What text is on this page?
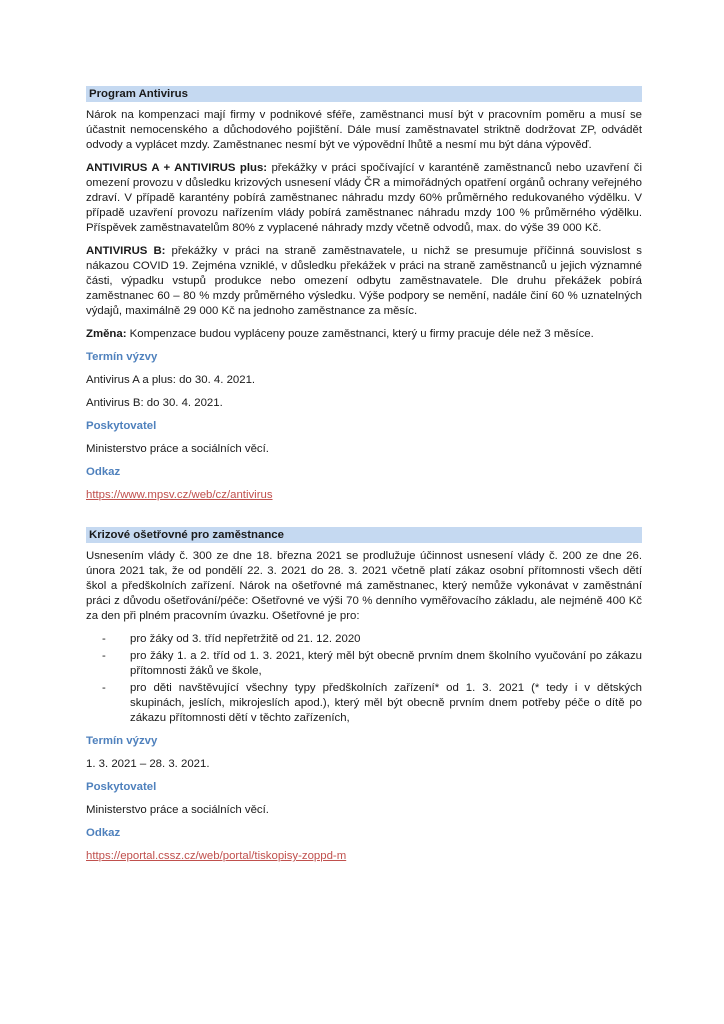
Program Antivirus

Nárok na kompenzaci mají firmy v podnikové sféře, zaměstnanci musí být v pracovním poměru a musí se účastnit nemocenského a důchodového pojištění. Dále musí zaměstnavatel striktně dodržovat ZP, odvádět odvody a vyplácet mzdy. Zaměstnanec nesmí být ve výpovědní lhůtě a nesmí mu být dána výpověď.

ANTIVIRUS A + ANTIVIRUS plus: překážky v práci spočívající v karanténě zaměstnanců nebo uzavření či omezení provozu v důsledku krizových usnesení vlády ČR a mimořádných opatření orgánů ochrany veřejného zdraví. V případě karantény pobírá zaměstnanec náhradu mzdy 60% průměrného redukovaného výdělku. V případě uzavření provozu nařízením vlády pobírá zaměstnanec náhradu mzdy 100 % průměrného výdělku. Příspěvek zaměstnavatelům 80% z vyplacené náhrady mzdy včetně odvodů, max. do výše 39 000 Kč.

ANTIVIRUS B: překážky v práci na straně zaměstnavatele, u nichž se presumuje příčinná souvislost s nákazou COVID 19. Zejména vzniklé, v důsledku překážek v práci na straně zaměstnanců u jejich významné části, výpadku vstupů produkce nebo omezení odbytu zaměstnavatele. Dle druhu překážek pobírá zaměstnanec 60 – 80 % mzdy průměrného výsledku. Výše podpory se nemění, nadále činí 60 % uznatelných výdajů, maximálně 29 000 Kč na jednoho zaměstnance za měsíc.

Změna: Kompenzace budou vypláceny pouze zaměstnanci, který u firmy pracuje déle než 3 měsíce.

Termín výzvy

Antivirus A a plus: do 30. 4. 2021.

Antivirus B: do 30. 4. 2021.

Poskytovatel

Ministerstvo práce a sociálních věcí.

Odkaz

https://www.mpsv.cz/web/cz/antivirus

Krizové ošetřovné pro zaměstnance

Usnesením vlády č. 300 ze dne 18. března 2021 se prodlužuje účinnost usnesení vlády č. 200 ze dne 26. února 2021 tak, že od pondělí 22. 3. 2021 do 28. 3. 2021 včetně platí zákaz osobní přítomnosti všech dětí škol a předškolních zařízení. Nárok na ošetřovné má zaměstnanec, který nemůže vykonávat v zaměstnání práci z důvodu ošetřování/péče: Ošetřovné ve výši 70 % denního vyměřovacího základu, ale nejméně 400 Kč za den při plném pracovním úvazku. Ošetřovné je pro:

- pro žáky od 3. tříd nepřetržitě od 21. 12. 2020
- pro žáky 1. a 2. tříd od 1. 3. 2021, který měl být obecně prvním dnem školního vyučování po zákazu přítomnosti žáků ve škole,
- pro děti navštěvující všechny typy předškolních zařízení* od 1. 3. 2021 (* tedy i v dětských skupinách, jeslích, mikrojeslích apod.), který měl být obecně prvním dnem potřeby péče o dítě po zákazu přítomnosti dětí v těchto zařízeních,
Termín výzvy

1. 3. 2021 – 28. 3. 2021.

Poskytovatel

Ministerstvo práce a sociálních věcí.

Odkaz

https://eportal.cssz.cz/web/portal/tiskopisy-zoppd-m
